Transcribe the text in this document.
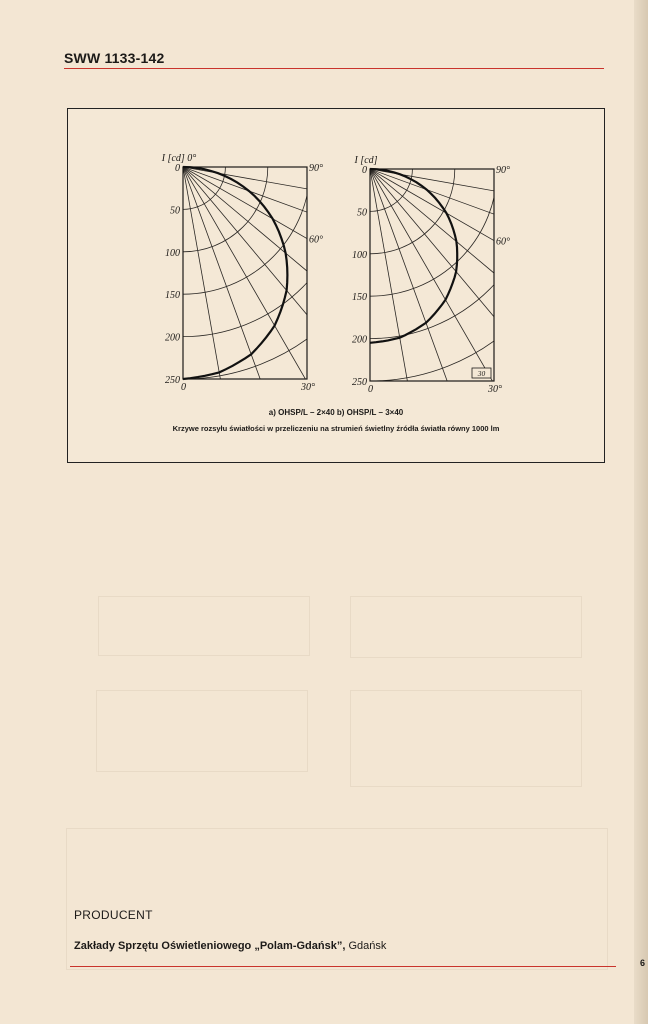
SWW 1133-142
I [cd] 0°
0
50
100
150
200
250
90°
60°
30°
0
I [cd]
0
50
100
150
200
250
90°
60°
30°
0
30
a) OHSP/L – 2×40 b) OHSP/L – 3×40
Krzywe rozsyłu światłości w przeliczeniu na strumień świetlny źródła światła równy 1000 lm
PRODUCENT
Zakłady Sprzętu Oświetleniowego „Polam-Gdańsk”, Gdańsk
6
